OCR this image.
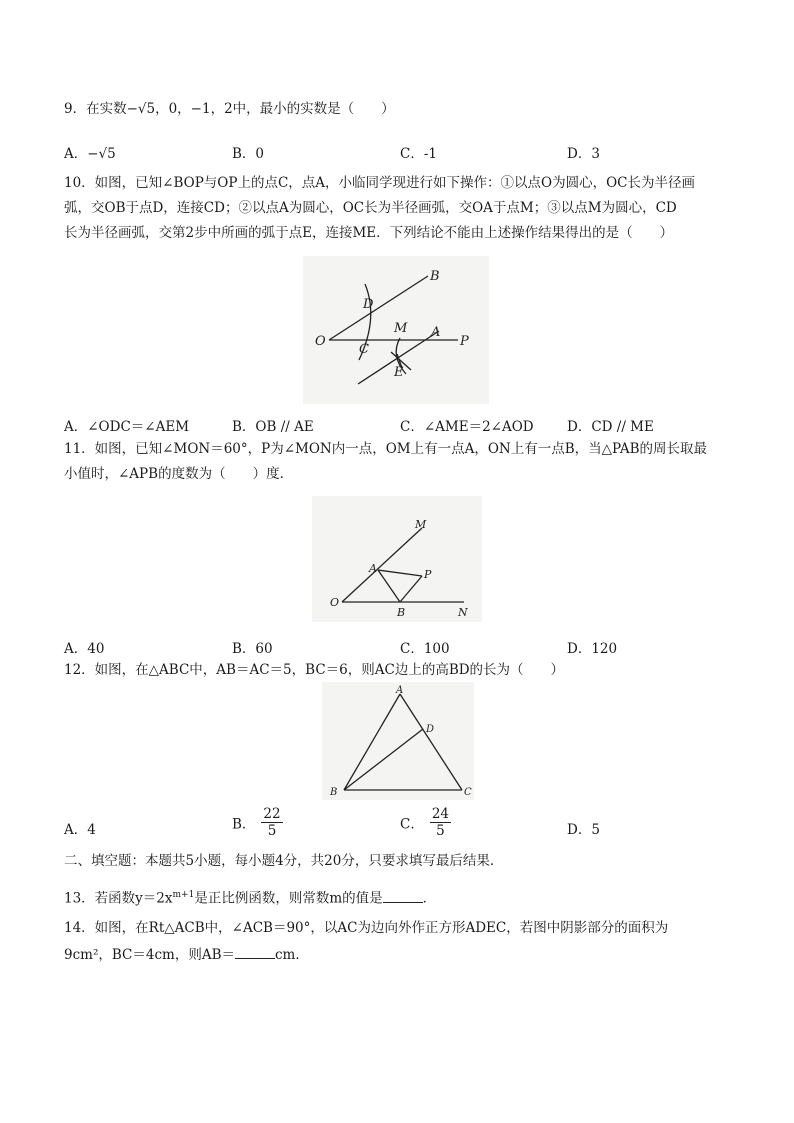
9．在实数−√5，0，−1，2中，最小的实数是（　　）
A．−√5	B．0	C．-1	D．3
10．如图，已知∠BOP与OP上的点C，点A，小临同学现进行如下操作：①以点O为圆心，OC长为半径画
弧，交OB于点D，连接CD；②以点A为圆心，OC长为半径画弧，交OA于点M；③以点M为圆心，CD
长为半径画弧，交第2步中所画的弧于点E，连接ME．下列结论不能由上述操作结果得出的是（　　）
B
D
M A
O
C
P
E
A．∠ODC＝∠AEM	B．OB // AE	C．∠AME＝2∠AOD D．CD // ME
11．如图，已知∠MON＝60°，P为∠MON内一点，OM上有一点A，ON上有一点B，当△PAB的周长取最
小值时，∠APB的度数为（　　）度．
M
A	P
O
B	N
A．40	B．60	C．100	D．120
12．如图，在△ABC中，AB＝AC＝5，BC＝6，则AC边上的高BD的长为（　　）
A
D
B	C
A．4	B． $\frac{22}{5}$	C． $\frac{24}{5}$	D．5
二、填空题：本题共5小题，每小题4分，共20分，只要求填写最后结果．
13．若函数$y=2x^{m+1}$是正比例函数，则常数m的值是	．
14．如图，在Rt△ACB中，∠ACB＝90°，以AC为边向外作正方形ADEC，若图中阴影部分的面积为
9cm²，BC＝4cm，则AB＝	cm．
